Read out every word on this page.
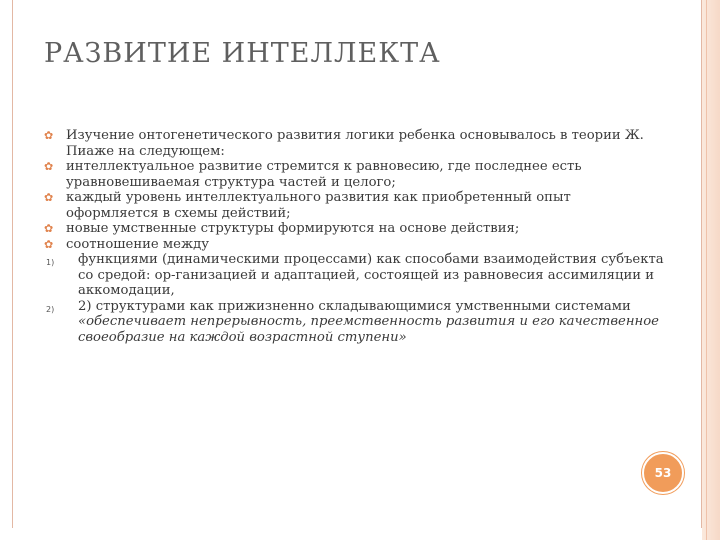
РАЗВИТИЕ ИНТЕЛЛЕКТА
✿ Изучение онтогенетического развития логики ребенка основывалось в теории Ж. Пиаже на следующем:
✿ интеллектуальное развитие стремится к равновесию, где последнее есть уравновешиваемая структура частей и целого;
✿ каждый уровень интеллектуального развития как приобретенный опыт оформляется в схемы действий;
✿ новые умственные структуры формируются на основе действия;
✿ соотношение между
1) функциями (динамическими процессами) как способами взаимодействия субъекта со средой: ор-ганизацией и адаптацией, состоящей из равновесия ассимиляции и аккомодации,
2) 2) структурами как прижизненно складывающимися умственными системами «обеспечивает непрерывность, преемственность развития и его качественное своеобразие на каждой возрастной ступени»
53
